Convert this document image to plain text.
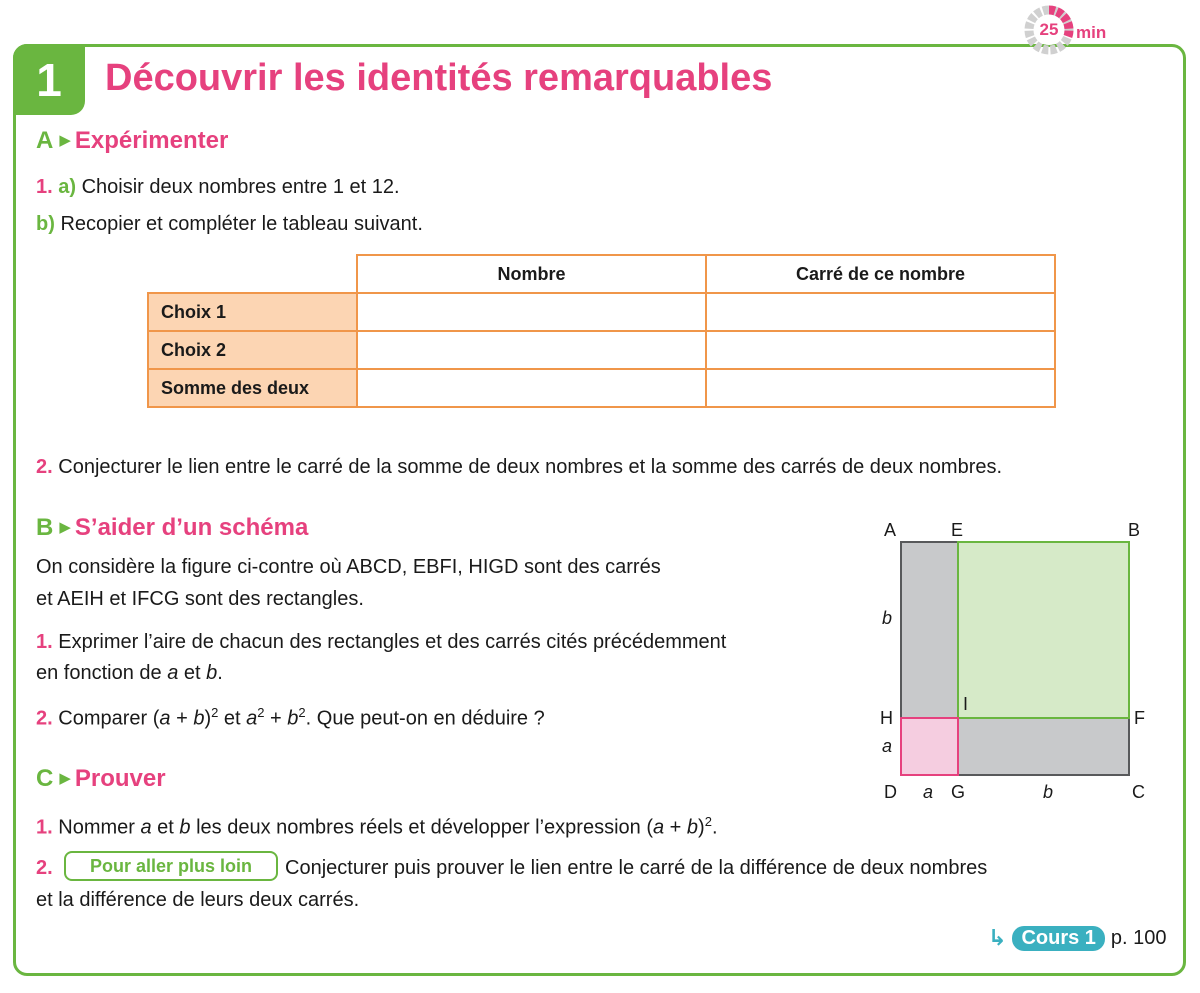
1
25	min
Découvrir les identités remarquables
A ▶ Expérimenter
1. a) Choisir deux nombres entre 1 et 12.
b) Recopier et compléter le tableau suivant.
	Nombre	Carré de ce nombre
Choix 1		
Choix 2		
Somme des deux		
2. Conjecturer le lien entre le carré de la somme de deux nombres et la somme des carrés de deux nombres.
B ▶ S’aider d’un schéma
On considère la figure ci-contre où ABCD, EBFI, HIGD sont des carrés
et AEIH et IFCG sont des rectangles.
1. Exprimer l’aire de chacun des rectangles et des carrés cités précédemment
en fonction de a et b.
2. Comparer $(a + b)^2$ et $a^2 + b^2$. Que peut-on en déduire ?
A	E	B
H
I
F
D	G	C
b
a
a	b
C ▶ Prouver
1. Nommer a et b les deux nombres réels et développer l’expression $(a + b)^2$.
2.	Pour aller plus loin	Conjecturer puis prouver le lien entre le carré de la différence de deux nombres
et la différence de leurs deux carrés.
↳ Cours 1 p. 100
